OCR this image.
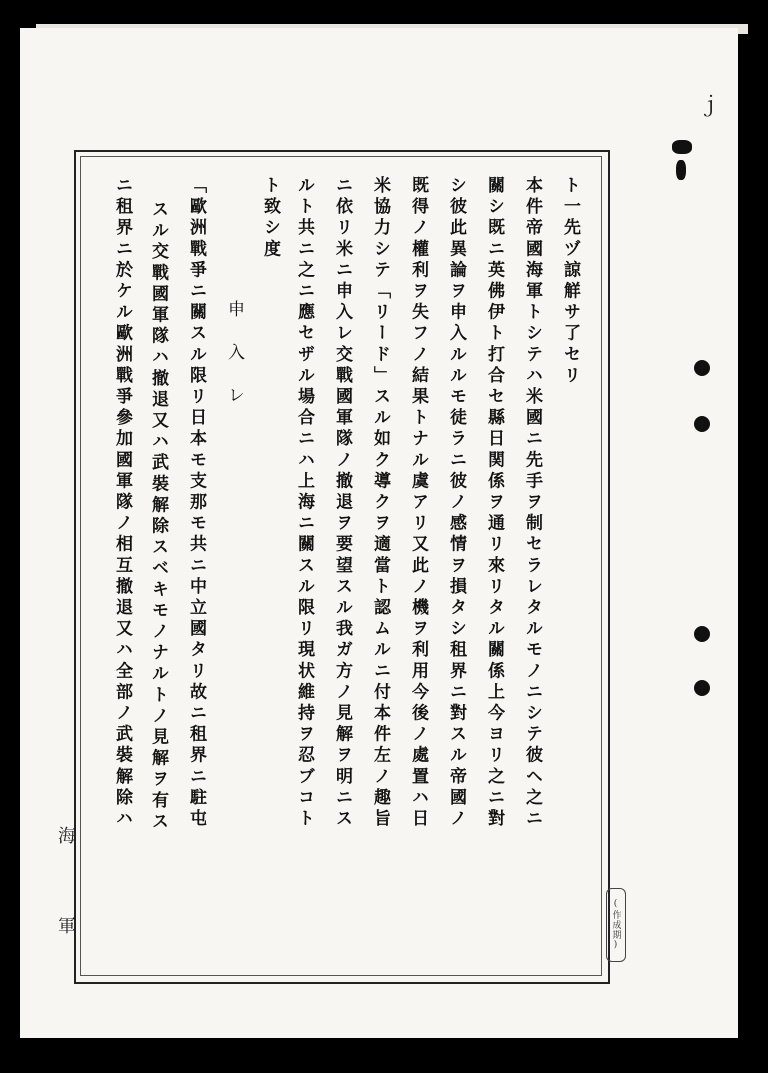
ト一先ヅ諒觧サ了セリ
本件帝國海軍トシテハ米國ニ先手ヲ制セラレタルモノニシテ彼ヘ之ニ
關シ既ニ英佛伊ト打合セ縣日関係ヲ通リ來リタル關係上今ヨリ之ニ對
シ彼此異論ヲ申入ルルモ徒ラニ彼ノ感情ヲ損タシ租界ニ對スル帝國ノ
既得ノ權利ヲ失フノ結果トナル虞アリ又此ノ機ヲ利用今後ノ處置ハ日
米協力シテ「リード」スル如ク導クヲ適當ト認ムルニ付本件左ノ趣旨
ニ依リ米ニ申入レ交戰國軍隊ノ撤退ヲ要望スル我ガ方ノ見解ヲ明ニス
ルト共ニ之ニ應セザル場合ニハ上海ニ關スル限リ現状維持ヲ忍ブコト
ト致シ度
申入レ
「歐洲戰爭ニ關スル限リ日本モ支那モ共ニ中立國タリ故ニ租界ニ駐屯
スル交戰國軍隊ハ撤退又ハ武裝解除スベキモノナルトノ見解ヲ有ス
ニ租界ニ於ケル歐洲戰爭參加國軍隊ノ相互撤退又ハ全部ノ武裝解除ハ
海
軍	(作成期)
ｊ
